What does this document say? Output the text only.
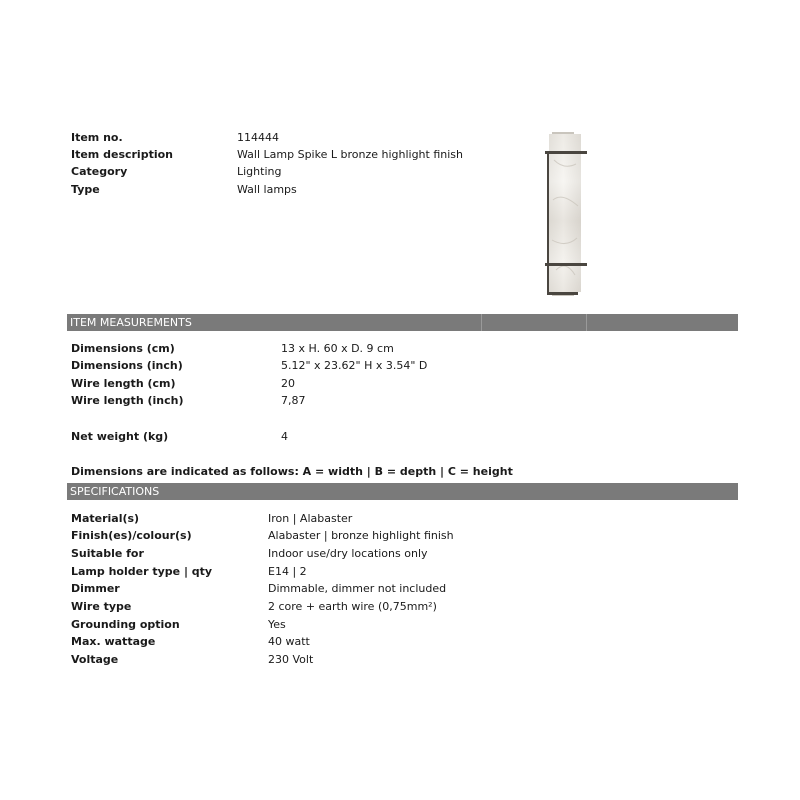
Item no.	114444
Item description	Wall Lamp Spike L bronze highlight finish
Category	Lighting
Type	Wall lamps
ITEM MEASUREMENTS
Dimensions (cm)	13 x H. 60 x D. 9 cm
Dimensions (inch)	5.12" x 23.62" H x 3.54" D
Wire length (cm)	20
Wire length (inch)	7,87
Net weight (kg)	4
Dimensions are indicated as follows: A = width | B = depth | C = height
SPECIFICATIONS
Material(s)	Iron | Alabaster
Finish(es)/colour(s)	Alabaster | bronze highlight finish
Suitable for	Indoor use/dry locations only
Lamp holder type | qty	E14 | 2
Dimmer	Dimmable, dimmer not included
Wire type	2 core + earth wire (0,75mm²)
Grounding option	Yes
Max. wattage	40 watt
Voltage	230 Volt
